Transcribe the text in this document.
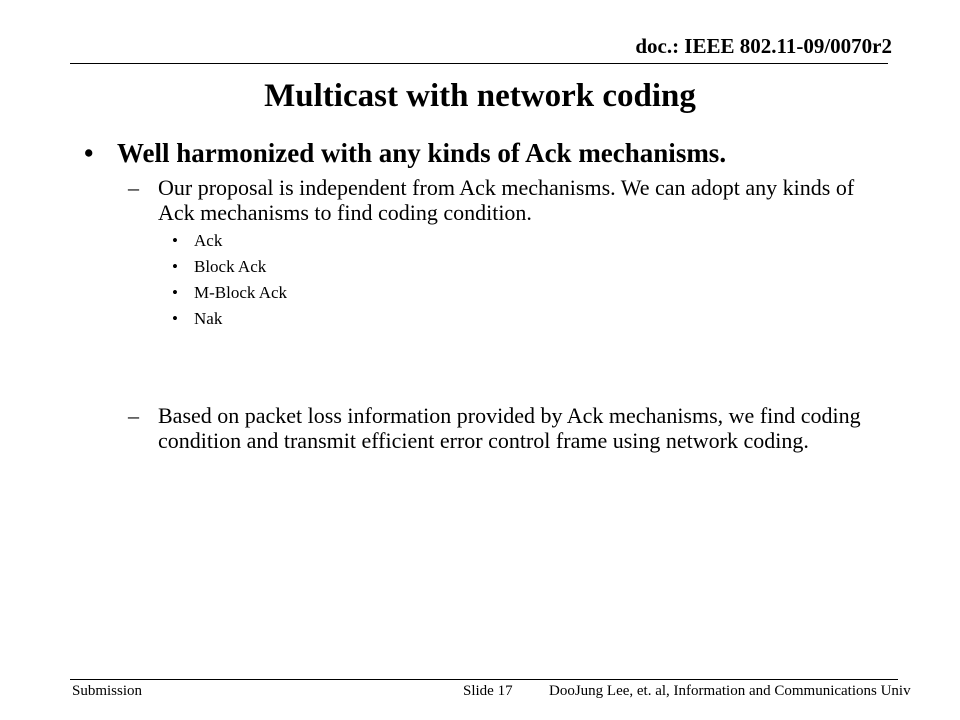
doc.: IEEE 802.11-09/0070r2
Multicast with network coding
• Well harmonized with any kinds of Ack mechanisms.
– Our proposal is independent from Ack mechanisms. We can adopt any kinds of Ack mechanisms to find coding condition.
• Ack
• Block Ack
• M-Block Ack
• Nak
– Based on packet loss information provided by Ack mechanisms, we find coding condition and transmit efficient error control frame using network coding.
Submission	Slide 17 DooJung Lee, et. al, Information and Communications Univ
